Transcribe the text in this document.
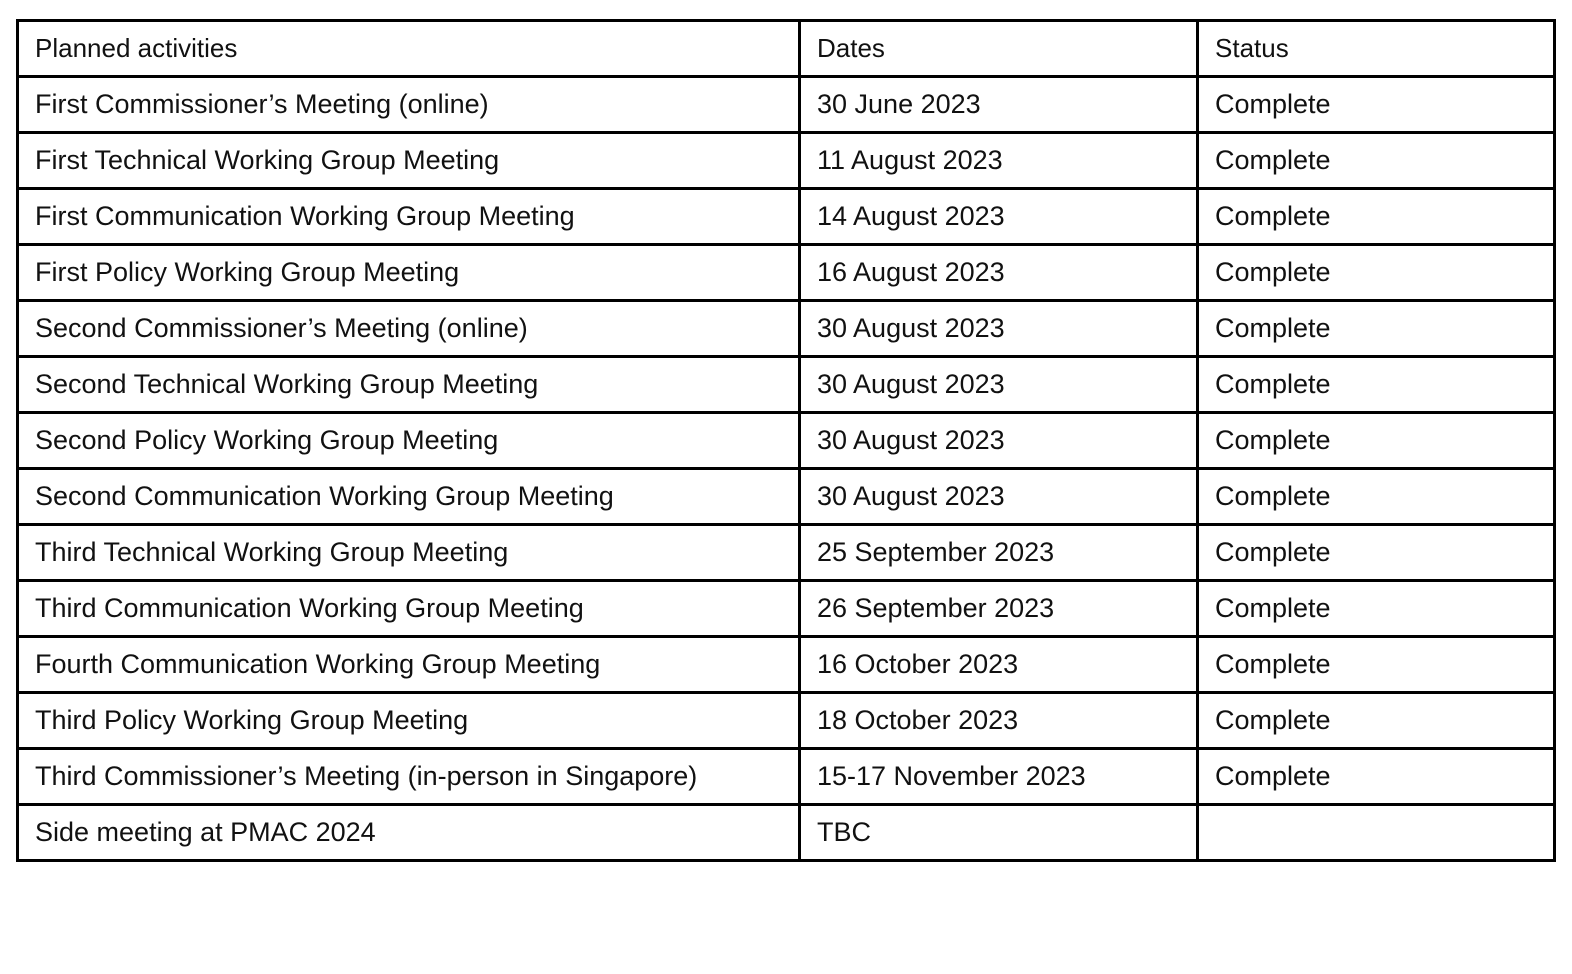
Planned activities	Dates	Status
First Commissioner’s Meeting (online)	30 June 2023	Complete
First Technical Working Group Meeting	11 August 2023	Complete
First Communication Working Group Meeting	14 August 2023	Complete
First Policy Working Group Meeting	16 August 2023	Complete
Second Commissioner’s Meeting (online)	30 August 2023	Complete
Second Technical Working Group Meeting	30 August 2023	Complete
Second Policy Working Group Meeting	30 August 2023	Complete
Second Communication Working Group Meeting	30 August 2023	Complete
Third Technical Working Group Meeting	25 September 2023	Complete
Third Communication Working Group Meeting	26 September 2023	Complete
Fourth Communication Working Group Meeting	16 October 2023	Complete
Third Policy Working Group Meeting	18 October 2023	Complete
Third Commissioner’s Meeting (in-person in Singapore)	15-17 November 2023	Complete
Side meeting at PMAC 2024	TBC	
